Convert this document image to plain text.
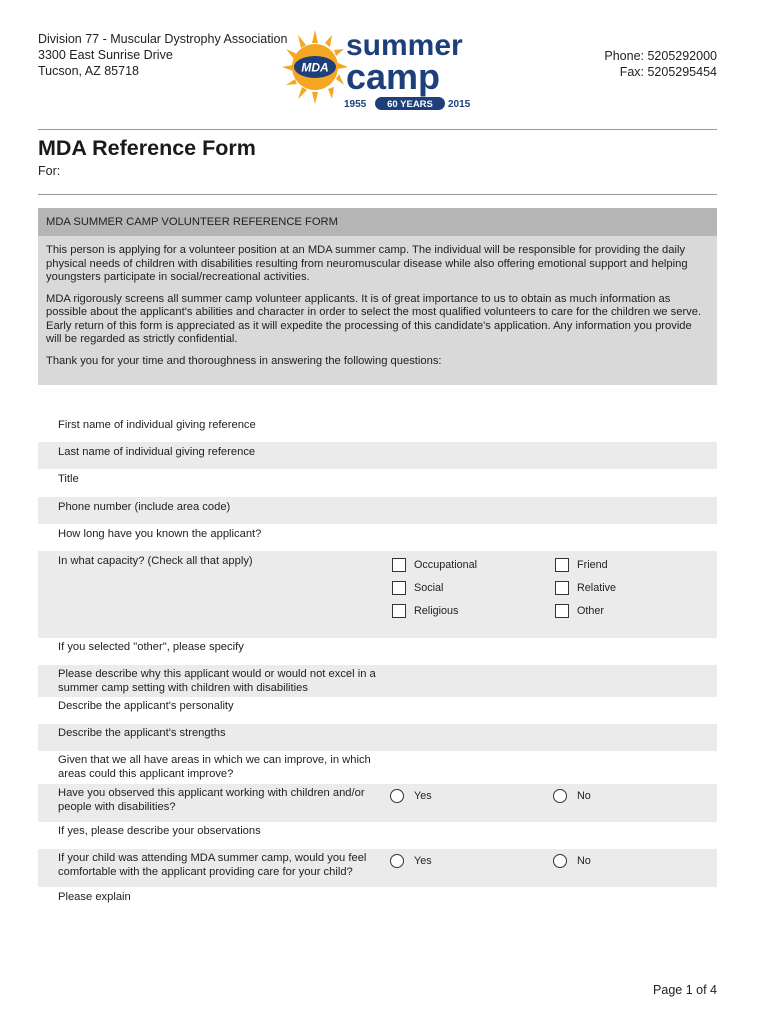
Division 77 - Muscular Dystrophy Association
3300 East Sunrise Drive
Tucson, AZ 85718	MDA
summer
camp
1955 60 YEARS 2015
Phone: 5205292000
Fax: 5205295454
MDA Reference Form
For:
MDA SUMMER CAMP VOLUNTEER REFERENCE FORM

This person is applying for a volunteer position at an MDA summer camp. The individual will be responsible for providing the daily physical needs of children with disabilities resulting from neuromuscular disease while also offering emotional support and helping youngsters participate in social/recreational activities.

MDA rigorously screens all summer camp volunteer applicants. It is of great importance to us to obtain as much information as possible about the applicant's abilities and character in order to select the most qualified volunteers to care for the children we serve. Early return of this form is appreciated as it will expedite the processing of this candidate's application. Any information you provide will be regarded as strictly confidential.

Thank you for your time and thoroughness in answering the following questions:

First name of individual giving reference
Last name of individual giving reference
Title
Phone number (include area code)
How long have you known the applicant?
In what capacity? (Check all that apply)	Occupational	Friend
Social	Relative
Religious	Other
If you selected "other", please specify
Please describe why this applicant would or would not excel in a summer camp setting with children with disabilities
Describe the applicant's personality
Describe the applicant's strengths
Given that we all have areas in which we can improve, in which areas could this applicant improve?
Have you observed this applicant working with children and/or people with disabilities?
Yes	No
If yes, please describe your observations
If your child was attending MDA summer camp, would you feel comfortable with the applicant providing care for your child?
Yes	No
Please explain
Page 1 of 4
